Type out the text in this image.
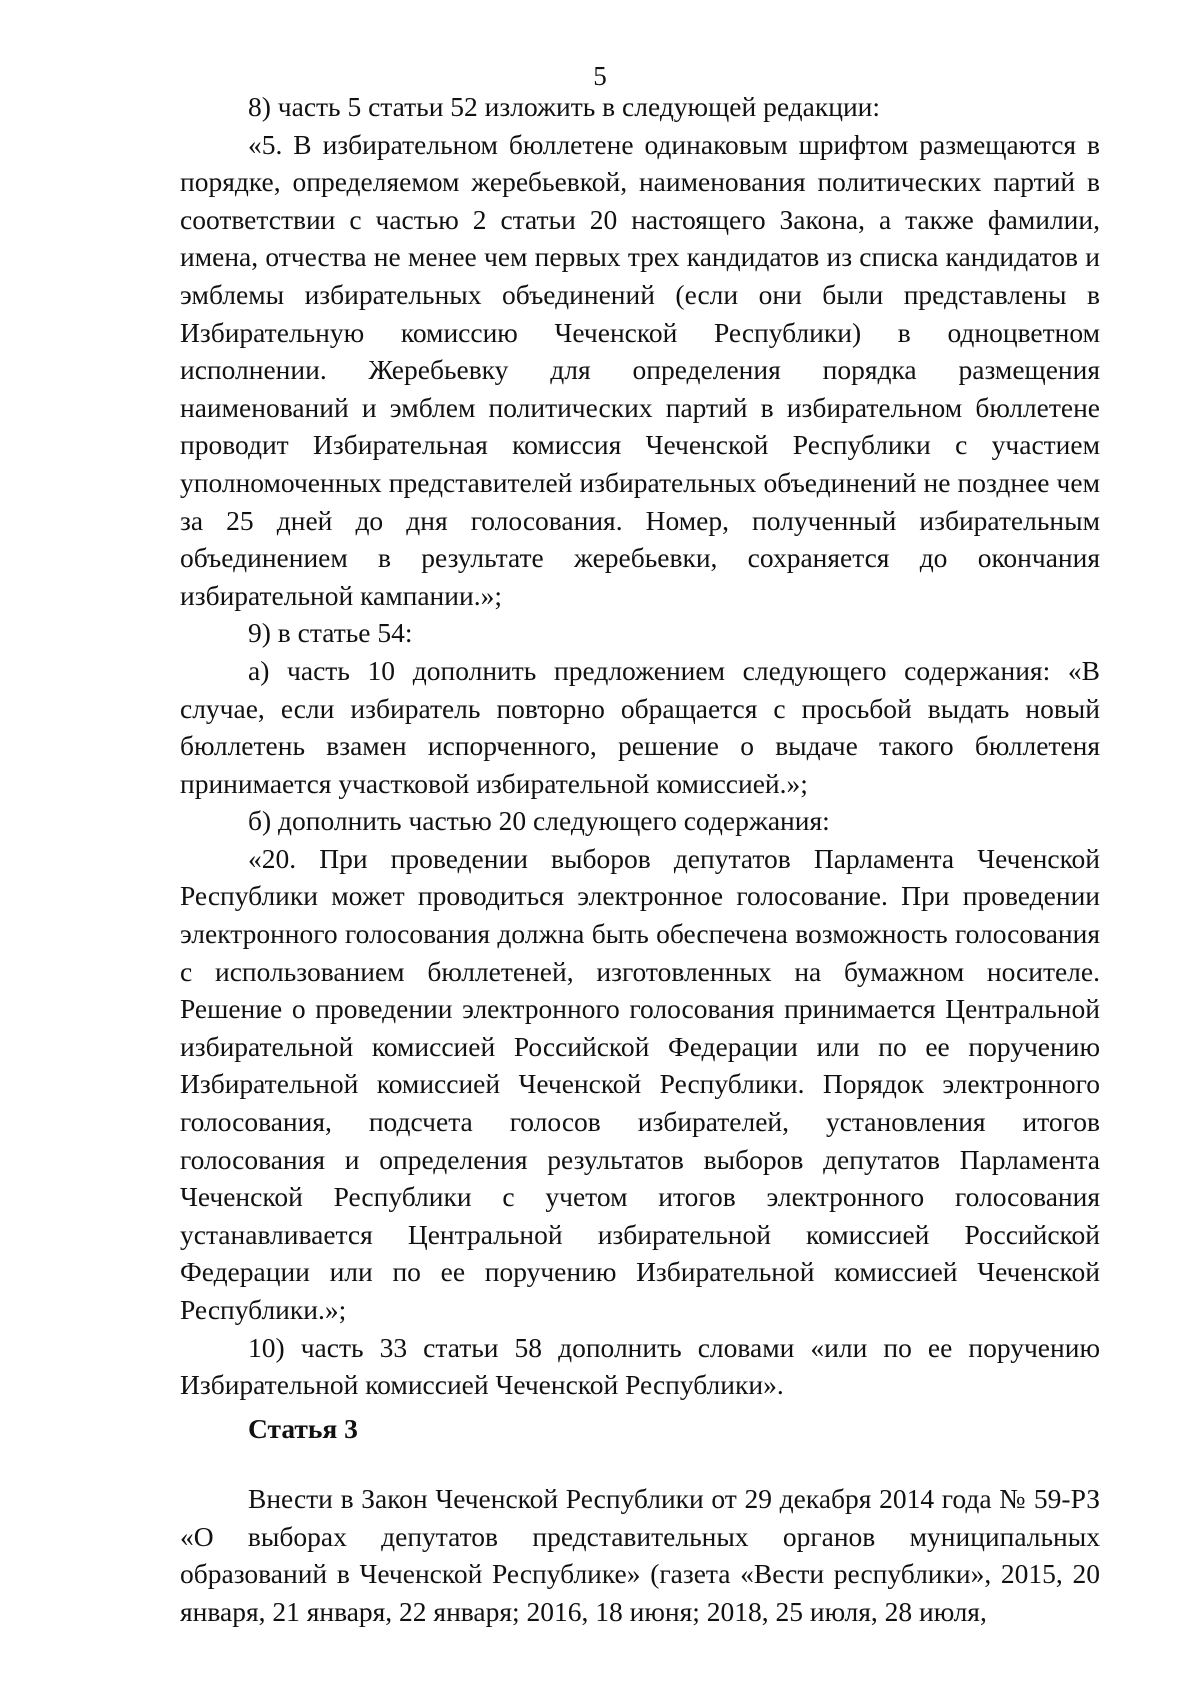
5

8) часть 5 статьи 52 изложить в следующей редакции:

«5. В избирательном бюллетене одинаковым шрифтом размещаются в порядке, определяемом жеребьевкой, наименования политических партий в соответствии с частью 2 статьи 20 настоящего Закона, а также фамилии, имена, отчества не менее чем первых трех кандидатов из списка кандидатов и эмблемы избирательных объединений (если они были представлены в Избирательную комиссию Чеченской Республики) в одноцветном исполнении. Жеребьевку для определения порядка размещения наименований и эмблем политических партий в избирательном бюллетене проводит Избирательная комиссия Чеченской Республики с участием уполномоченных представителей избирательных объединений не позднее чем за 25 дней до дня голосования. Номер, полученный избирательным объединением в результате жеребьевки, сохраняется до окончания избирательной кампании.»;

9) в статье 54:

а) часть 10 дополнить предложением следующего содержания: «В случае, если избиратель повторно обращается с просьбой выдать новый бюллетень взамен испорченного, решение о выдаче такого бюллетеня принимается участковой избирательной комиссией.»;

б) дополнить частью 20 следующего содержания:

«20. При проведении выборов депутатов Парламента Чеченской Республики может проводиться электронное голосование. При проведении электронного голосования должна быть обеспечена возможность голосования с использованием бюллетеней, изготовленных на бумажном носителе. Решение о проведении электронного голосования принимается Центральной избирательной комиссией Российской Федерации или по ее поручению Избирательной комиссией Чеченской Республики. Порядок электронного голосования, подсчета голосов избирателей, установления итогов голосования и определения результатов выборов депутатов Парламента Чеченской Республики с учетом итогов электронного голосования устанавливается Центральной избирательной комиссией Российской Федерации или по ее поручению Избирательной комиссией Чеченской Республики.»;

10) часть 33 статьи 58 дополнить словами «или по ее поручению Избирательной комиссией Чеченской Республики».

Статья 3

Внести в Закон Чеченской Республики от 29 декабря 2014 года № 59-РЗ «О выборах депутатов представительных органов муниципальных образований в Чеченской Республике» (газета «Вести республики», 2015, 20 января, 21 января, 22 января; 2016, 18 июня; 2018, 25 июля, 28 июля,
